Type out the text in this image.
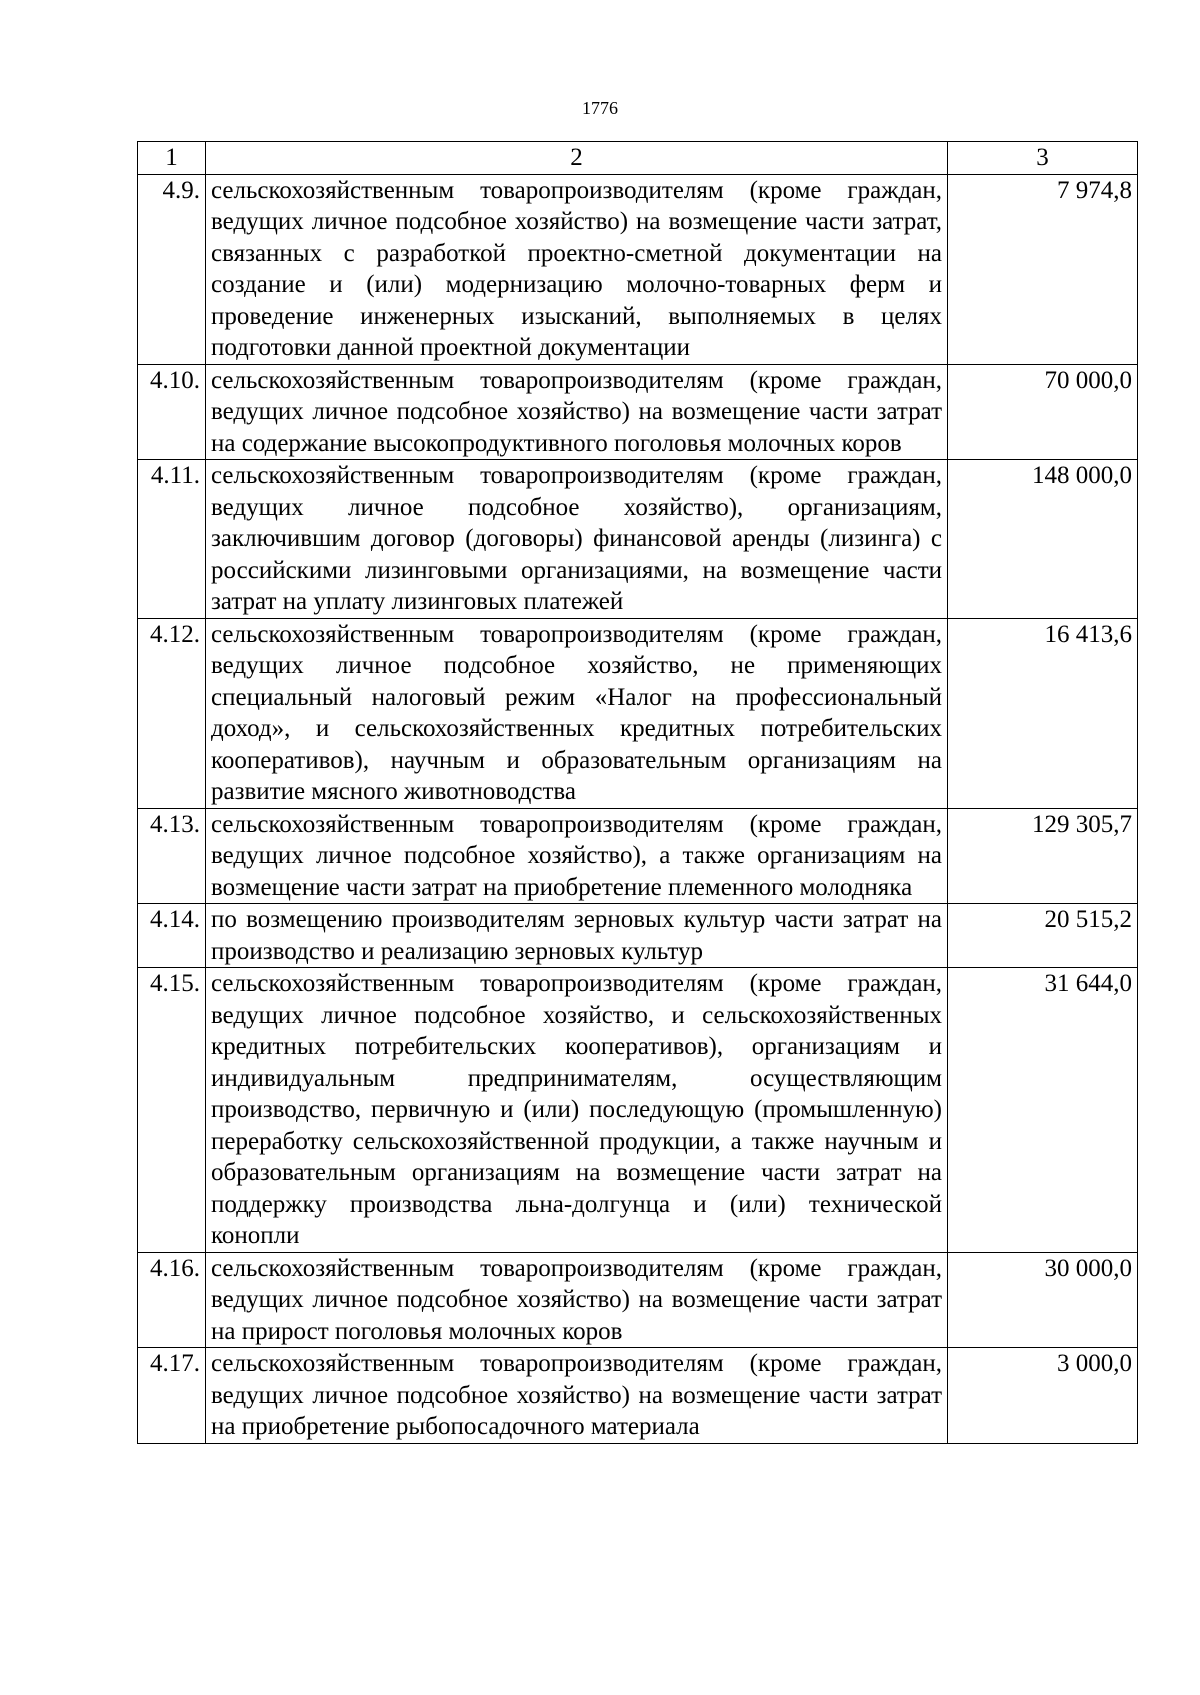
1776
1	2	3
4.9.	сельскохозяйственным товаропроизводителям (кроме граждан, ведущих личное подсобное хозяйство) на возмещение части затрат, связанных с разработкой проектно-сметной документации на создание и (или) модернизацию молочно-товарных ферм и проведение инженерных изысканий, выполняемых в целях подготовки данной проектной документации	7 974,8
4.10.	сельскохозяйственным товаропроизводителям (кроме граждан, ведущих личное подсобное хозяйство) на возмещение части затрат на содержание высокопродуктивного поголовья молочных коров	70 000,0
4.11.	сельскохозяйственным товаропроизводителям (кроме граждан, ведущих личное подсобное хозяйство), организациям, заключившим договор (договоры) финансовой аренды (лизинга) с российскими лизинговыми организациями, на возмещение части затрат на уплату лизинговых платежей	148 000,0
4.12.	сельскохозяйственным товаропроизводителям (кроме граждан, ведущих личное подсобное хозяйство, не применяющих специальный налоговый режим «Налог на профессиональный доход», и сельскохозяйственных кредитных потребительских кооперативов), научным и образовательным организациям на развитие мясного животноводства	16 413,6
4.13.	сельскохозяйственным товаропроизводителям (кроме граждан, ведущих личное подсобное хозяйство), а также организациям на возмещение части затрат на приобретение племенного молодняка	129 305,7
4.14.	по возмещению производителям зерновых культур части затрат на производство и реализацию зерновых культур	20 515,2
4.15.	сельскохозяйственным товаропроизводителям (кроме граждан, ведущих личное подсобное хозяйство, и сельскохозяйственных кредитных потребительских кооперативов), организациям и индивидуальным предпринимателям, осуществляющим производство, первичную и (или) последующую (промышленную) переработку сельскохозяйственной продукции, а также научным и образовательным организациям на возмещение части затрат на поддержку производства льна-долгунца и (или) технической конопли	31 644,0
4.16.	сельскохозяйственным товаропроизводителям (кроме граждан, ведущих личное подсобное хозяйство) на возмещение части затрат на прирост поголовья молочных коров	30 000,0
4.17.	сельскохозяйственным товаропроизводителям (кроме граждан, ведущих личное подсобное хозяйство) на возмещение части затрат на приобретение рыбопосадочного материала	3 000,0
